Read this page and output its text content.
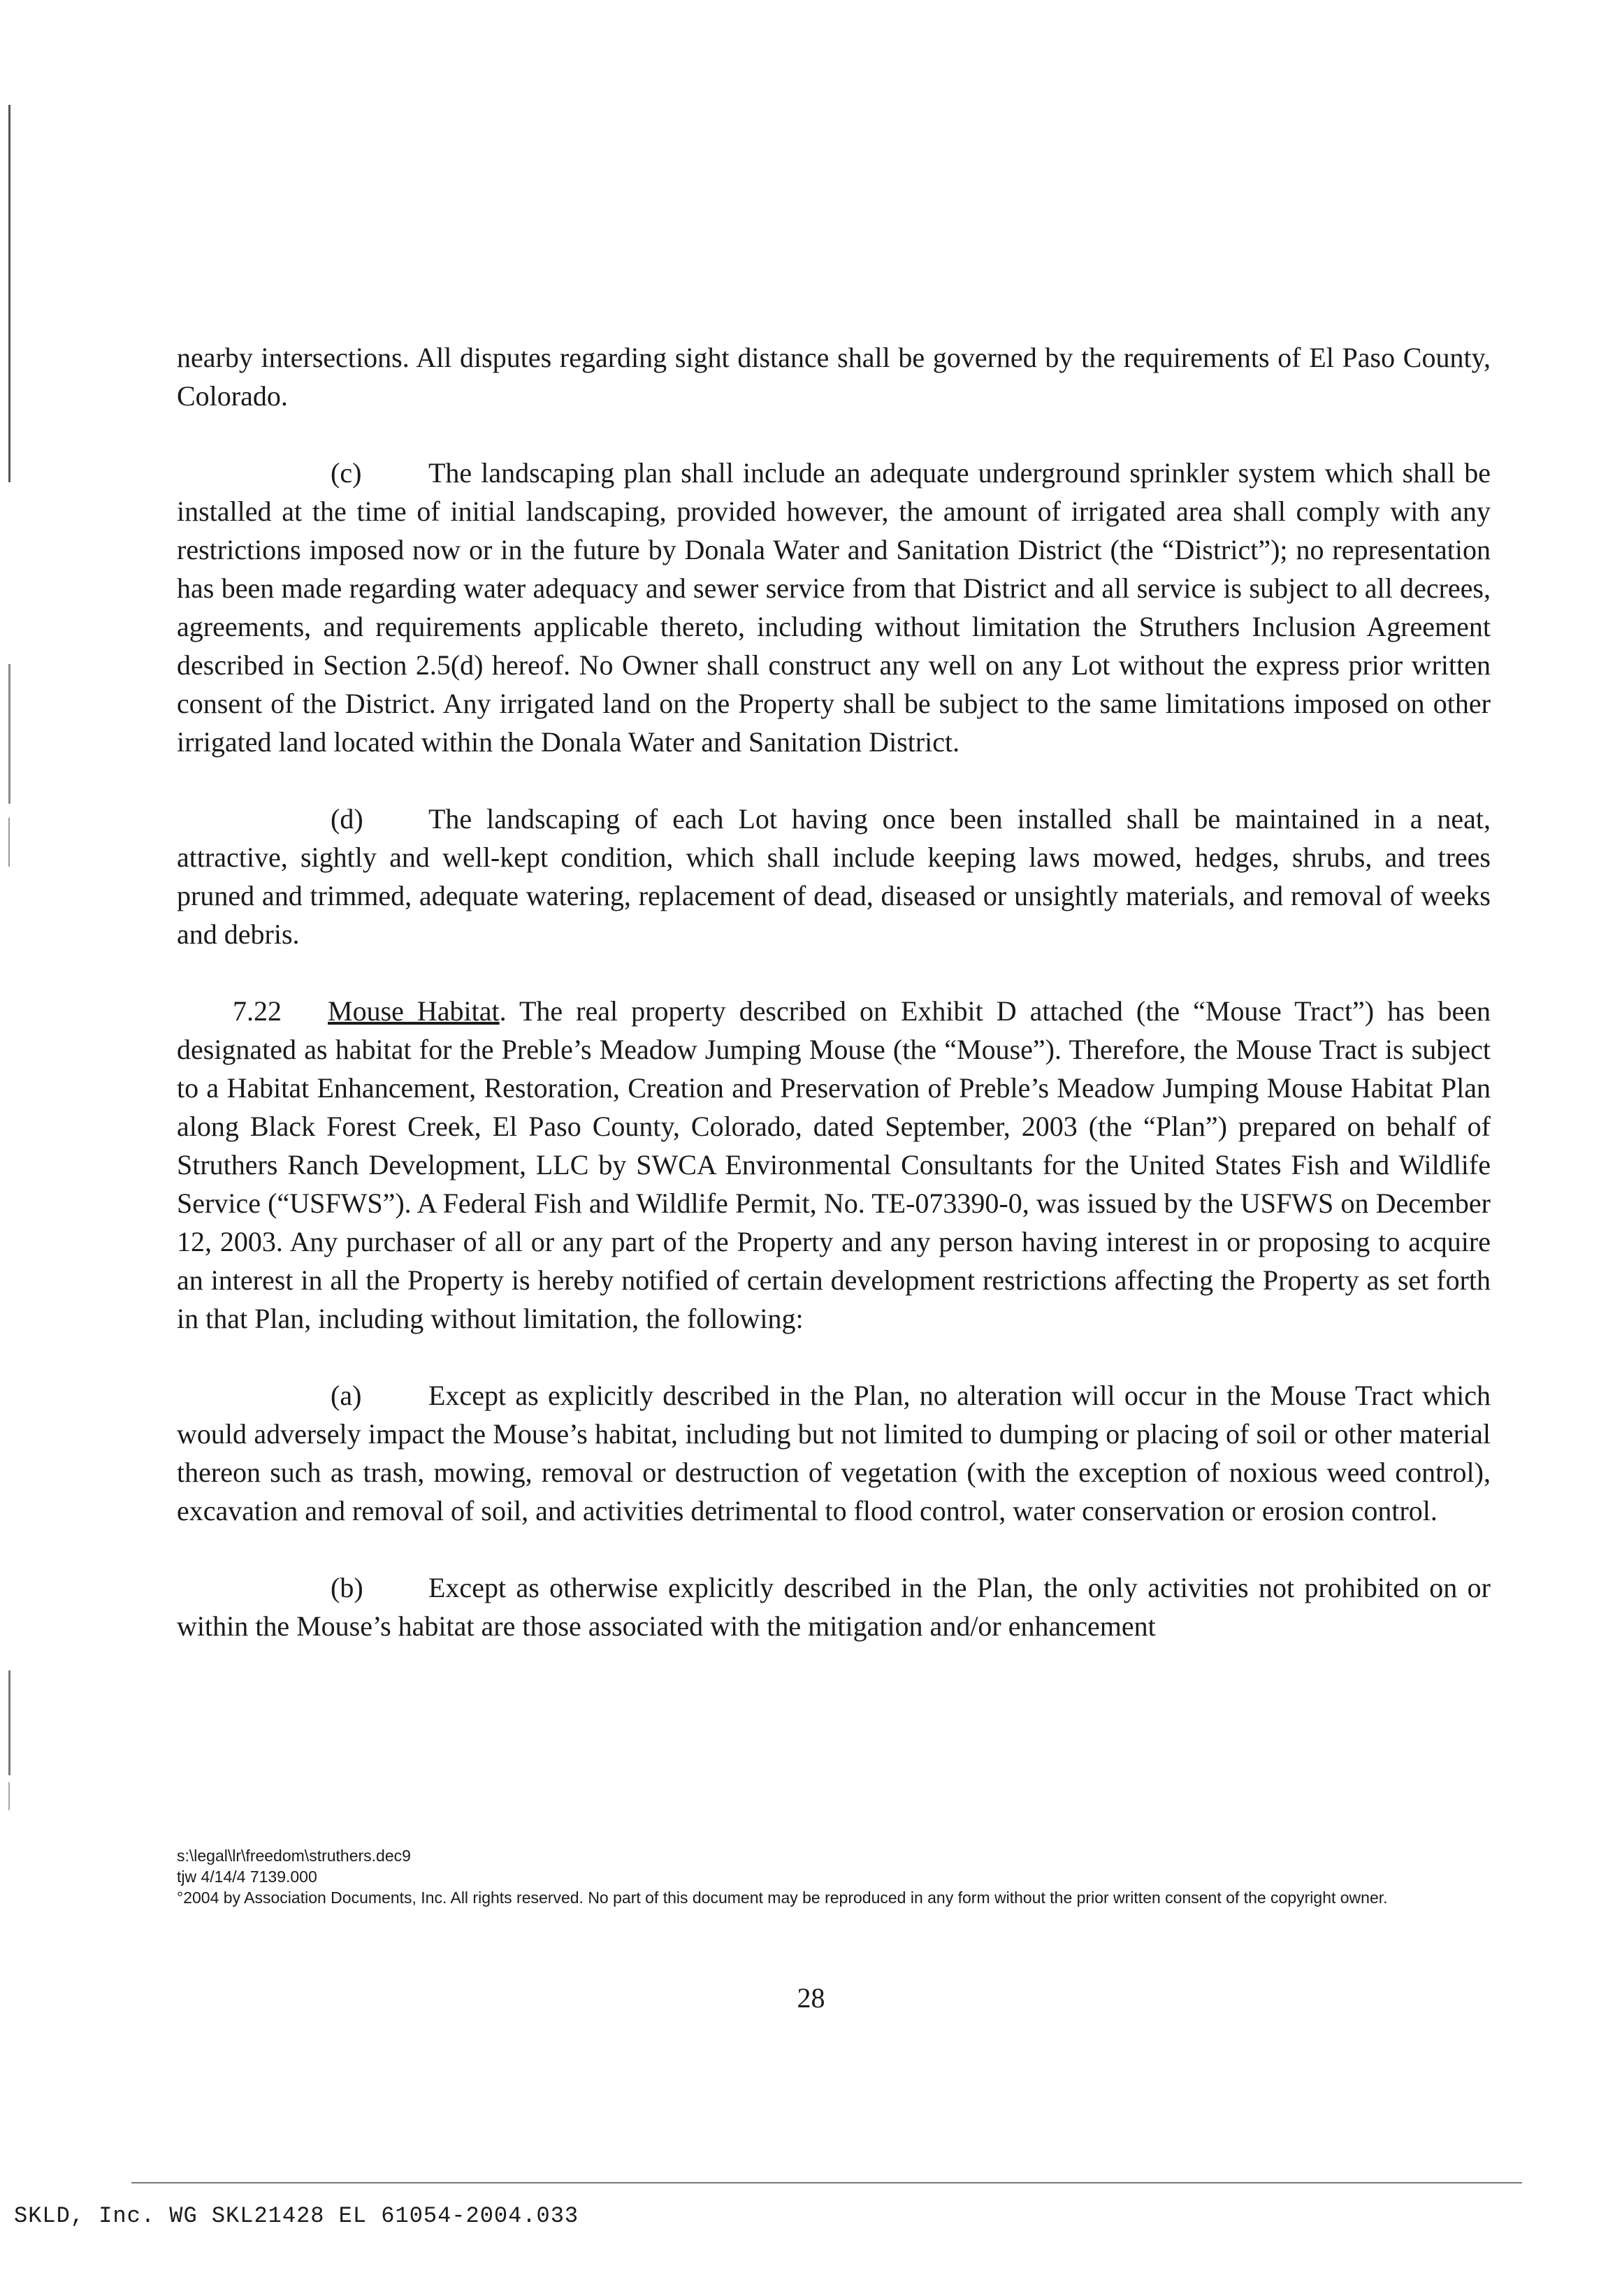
nearby intersections. All disputes regarding sight distance shall be governed by the requirements of El Paso County, Colorado.

(c) The landscaping plan shall include an adequate underground sprinkler system which shall be installed at the time of initial landscaping, provided however, the amount of irrigated area shall comply with any restrictions imposed now or in the future by Donala Water and Sanitation District (the “District”); no representation has been made regarding water adequacy and sewer service from that District and all service is subject to all decrees, agreements, and requirements applicable thereto, including without limitation the Struthers Inclusion Agreement described in Section 2.5(d) hereof. No Owner shall construct any well on any Lot without the express prior written consent of the District. Any irrigated land on the Property shall be subject to the same limitations imposed on other irrigated land located within the Donala Water and Sanitation District.

(d) The landscaping of each Lot having once been installed shall be maintained in a neat, attractive, sightly and well-kept condition, which shall include keeping laws mowed, hedges, shrubs, and trees pruned and trimmed, adequate watering, replacement of dead, diseased or unsightly materials, and removal of weeks and debris.

7.22 Mouse Habitat. The real property described on Exhibit D attached (the “Mouse Tract”) has been designated as habitat for the Preble’s Meadow Jumping Mouse (the “Mouse”). Therefore, the Mouse Tract is subject to a Habitat Enhancement, Restoration, Creation and Preservation of Preble’s Meadow Jumping Mouse Habitat Plan along Black Forest Creek, El Paso County, Colorado, dated September, 2003 (the “Plan”) prepared on behalf of Struthers Ranch Development, LLC by SWCA Environmental Consultants for the United States Fish and Wildlife Service (“USFWS”). A Federal Fish and Wildlife Permit, No. TE-073390-0, was issued by the USFWS on December 12, 2003. Any purchaser of all or any part of the Property and any person having interest in or proposing to acquire an interest in all the Property is hereby notified of certain development restrictions affecting the Property as set forth in that Plan, including without limitation, the following:

(a) Except as explicitly described in the Plan, no alteration will occur in the Mouse Tract which would adversely impact the Mouse’s habitat, including but not limited to dumping or placing of soil or other material thereon such as trash, mowing, removal or destruction of vegetation (with the exception of noxious weed control), excavation and removal of soil, and activities detrimental to flood control, water conservation or erosion control.

(b) Except as otherwise explicitly described in the Plan, the only activities not prohibited on or within the Mouse’s habitat are those associated with the mitigation and/or enhancement

s:\legal\lr\freedom\struthers.dec9
tjw 4/14/4 7139.000
°2004 by Association Documents, Inc. All rights reserved. No part of this document may be reproduced in any form without the prior written consent of the copyright owner.
28
SKLD, Inc. WG SKL21428 EL 61054-2004.033
